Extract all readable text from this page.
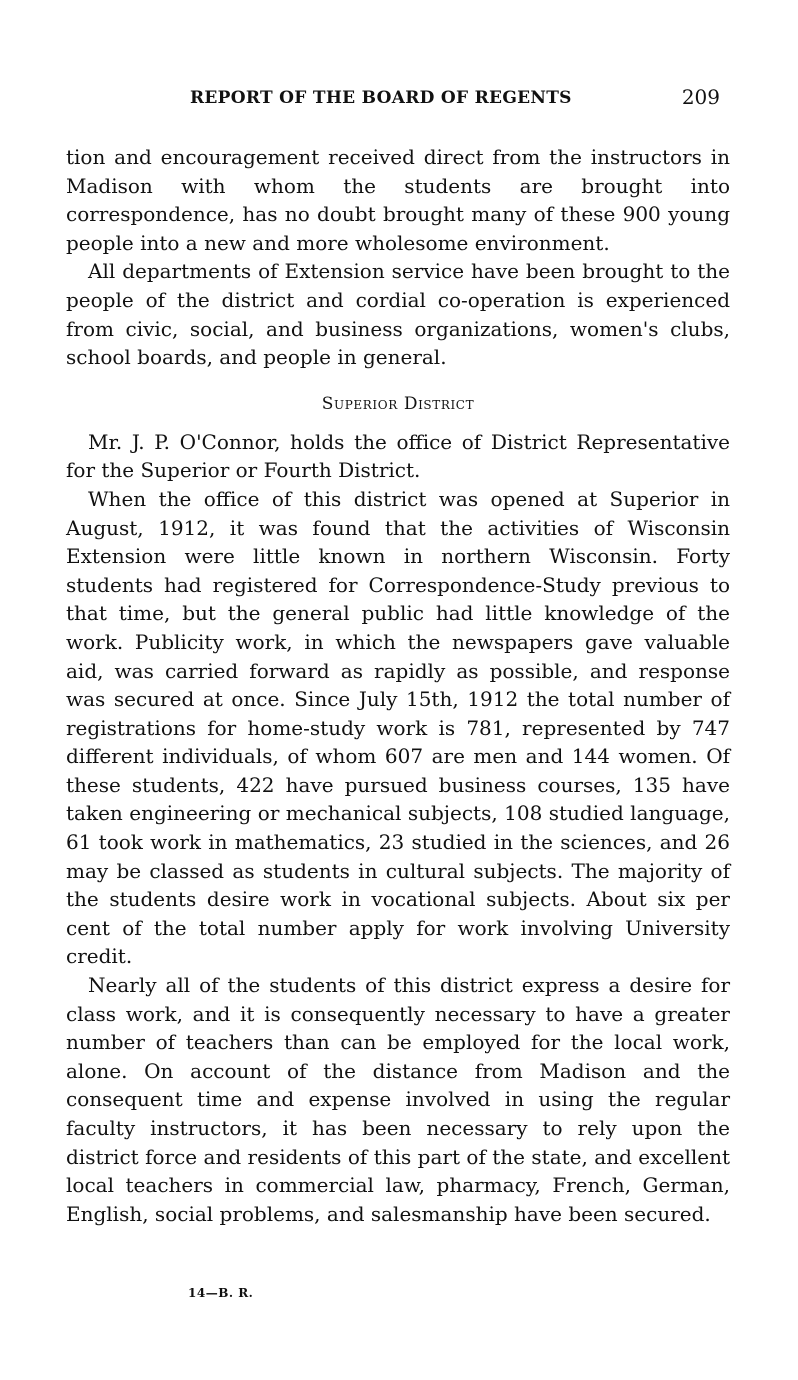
REPORT OF THE BOARD OF REGENTS	209

tion and encouragement received direct from the instructors in Madison with whom the students are brought into correspondence, has no doubt brought many of these 900 young people into a new and more wholesome environment.

All departments of Extension service have been brought to the people of the district and cordial co-operation is experienced from civic, social, and business organizations, women's clubs, school boards, and people in general.

Superior District

Mr. J. P. O'Connor, holds the office of District Representative for the Superior or Fourth District.

When the office of this district was opened at Superior in August, 1912, it was found that the activities of Wisconsin Extension were little known in northern Wisconsin. Forty students had registered for Correspondence-Study previous to that time, but the general public had little knowledge of the work. Publicity work, in which the newspapers gave valuable aid, was carried forward as rapidly as possible, and response was secured at once. Since July 15th, 1912 the total number of registrations for home-study work is 781, represented by 747 different individuals, of whom 607 are men and 144 women. Of these students, 422 have pursued business courses, 135 have taken engineering or mechanical subjects, 108 studied language, 61 took work in mathematics, 23 studied in the sciences, and 26 may be classed as students in cultural subjects. The majority of the students desire work in vocational subjects. About six per cent of the total number apply for work involving University credit.

Nearly all of the students of this district express a desire for class work, and it is consequently necessary to have a greater number of teachers than can be employed for the local work, alone. On account of the distance from Madison and the consequent time and expense involved in using the regular faculty instructors, it has been necessary to rely upon the district force and residents of this part of the state, and excellent local teachers in commercial law, pharmacy, French, German, English, social problems, and salesmanship have been secured.

14—B. R.
